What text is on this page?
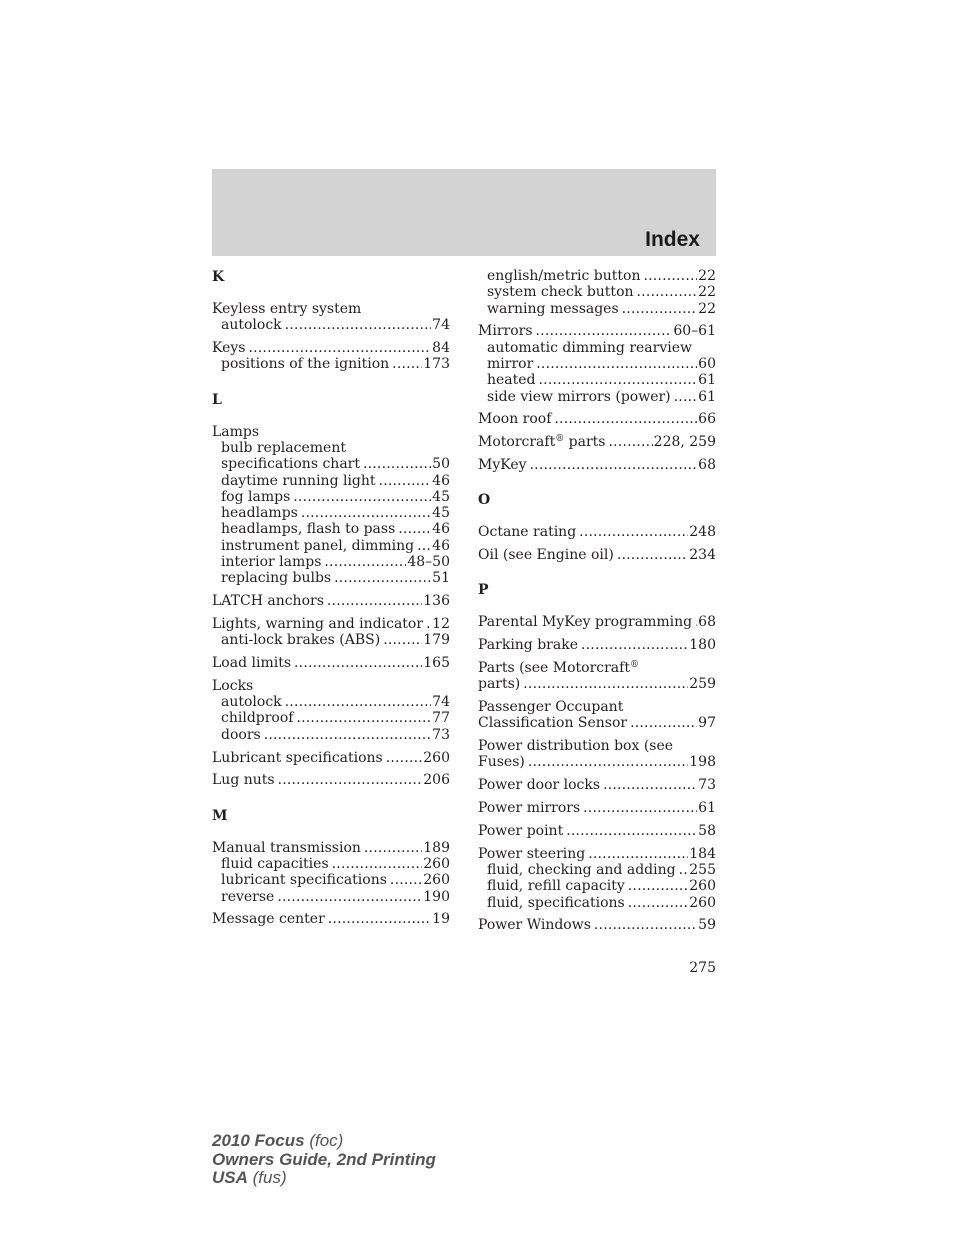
Index
K
Keyless entry system
autolock .....	74
Keys .....	84
positions of the ignition ..... 173
L
Lamps
bulb replacement
specifications chart .....	50
daytime running light .....	46
fog lamps .....	45
headlamps .....	45
headlamps, flash to pass .....	46
instrument panel, dimming ..... 46
interior lamps .....	48–50
replacing bulbs .....	51
LATCH anchors .....	136
Lights, warning and indicator ..... 12
anti-lock brakes (ABS) .....	179
Load limits .....	165
Locks
autolock .....	74
childproof .....	77
doors .....	73
Lubricant specifications .....	260
Lug nuts .....	206
M
Manual transmission .....	189
fluid capacities .....	260
lubricant specifications .....	260
reverse .....	190
Message center .....	19
english/metric button .....	22
system check button .....	22
warning messages .....	22
Mirrors .....	60–61
automatic dimming rearview
mirror .....	60
heated .....	61
side view mirrors (power) ..... 61
Moon roof .....	66
Motorcraft® parts .....	228, 259
MyKey .....	68
O
Octane rating .....	248
Oil (see Engine oil) .....	234
P
Parental MyKey programming ..... 68
Parking brake .....	180
Parts (see Motorcraft®
parts) .....	259
Passenger Occupant
Classification Sensor .....	97
Power distribution box (see
Fuses) .....	198
Power door locks .....	73
Power mirrors .....	61
Power point .....	58
Power steering .....	184
fluid, checking and adding ..... 255
fluid, refill capacity .....	260
fluid, specifications .....	260
Power Windows .....	59
275
2010 Focus (foc)
Owners Guide, 2nd Printing
USA (fus)
